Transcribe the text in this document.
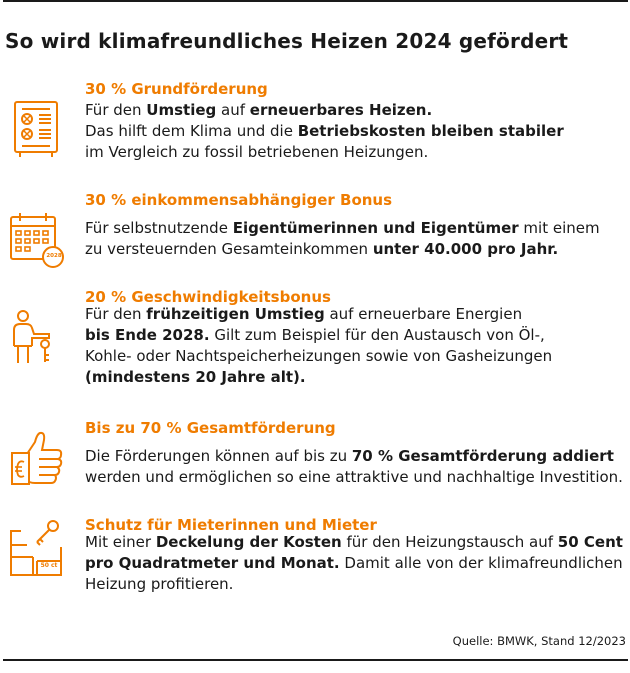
So wird klimafreundliches Heizen 2024 gefördert
30 % Grundförderung
Für den Umstieg auf erneuerbares Heizen.
Das hilft dem Klima und die Betriebskosten bleiben stabiler
im Vergleich zu fossil betriebenen Heizungen.
2028
30 % einkommensabhängiger Bonus
Für selbstnutzende Eigentümerinnen und Eigentümer mit einem
zu versteuernden Gesamteinkommen unter 40.000 pro Jahr.
20 % Geschwindigkeitsbonus
Für den frühzeitigen Umstieg auf erneuerbare Energien
bis Ende 2028. Gilt zum Beispiel für den Austausch von Öl-,
Kohle- oder Nachtspeicherheizungen sowie von Gasheizungen
(mindestens 20 Jahre alt).
Bis zu 70 % Gesamtförderung
Die Förderungen können auf bis zu 70 % Gesamtförderung addiert
werden und ermöglichen so eine attraktive und nachhaltige Investition.
50 ct
Schutz für Mieterinnen und Mieter
Mit einer Deckelung der Kosten für den Heizungstausch auf 50 Cent
pro Quadratmeter und Monat. Damit alle von der klimafreundlichen
Heizung profitieren.

Quelle: BMWK, Stand 12/2023
